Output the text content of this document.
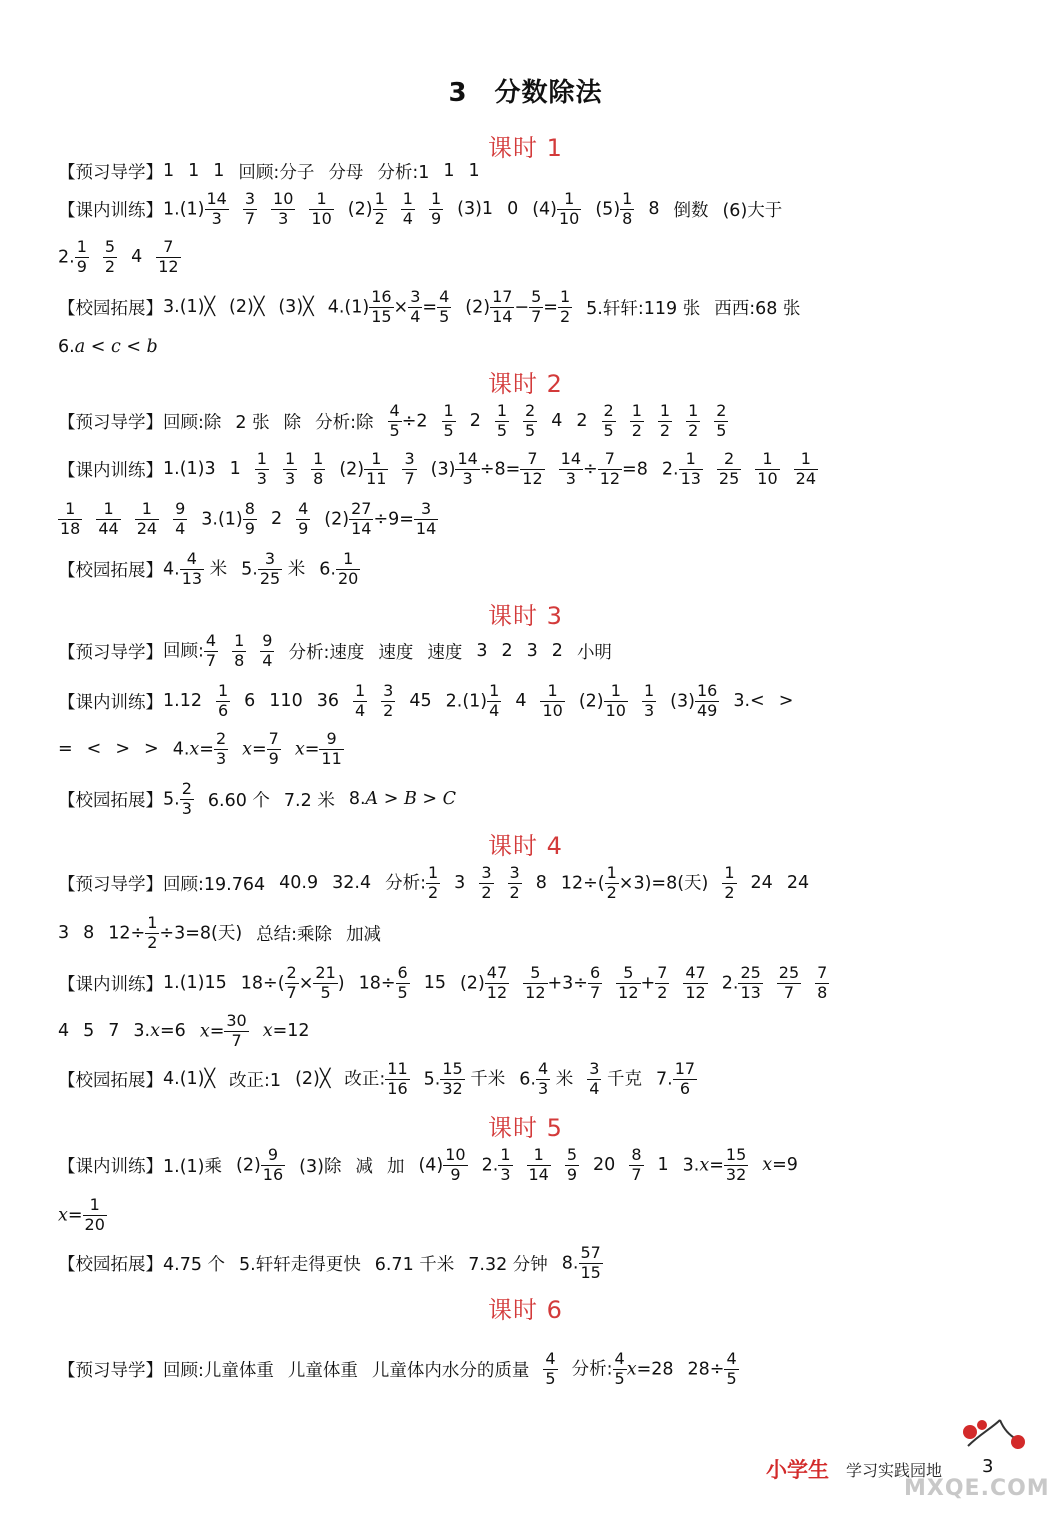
3　分数除法
课时 1
【预习导学】 1 1 1 回顾:分子 分母 分析:1 1 1
【课内训练】 $1.(1) \frac{14}{3} \frac{3}{7} \frac{10}{3} \frac{1}{10} (2) \frac{1}{2} \frac{1}{4} \frac{1}{9} (3)1$ 0 $(4) \frac{1}{10} (5) \frac{1}{8} 8$ 倒数 (6)大于
2. $\frac{1}{9} \frac{5}{2} 4 \frac{7}{12}$
【校园拓展】 3.(1)╳ (2)╳ (3)╳ $4.(1) \frac{16}{15} \times \frac{3}{4} = \frac{4}{5} (2) \frac{17}{14} - \frac{5}{7} = \frac{1}{2} 5$.轩轩:119 张 西西:68 张
6.a < c < b
课时 2
【预习导学】 回顾:除 2 张 除 分析:除 $\frac{4}{5} \div 2 \frac{1}{5} 2 \frac{1}{5} \frac{2}{5} 4$ $2 \frac{2}{5} \frac{1}{2} \frac{1}{2} \frac{1}{2} \frac{2}{5}$
【课内训练】 1.(1)3 $1 \frac{1}{3} \frac{1}{3} \frac{1}{8} (2) \frac{1}{11} \frac{3}{7} (3) \frac{14}{3} \div 8= \frac{7}{12} \frac{14}{3} \div \frac{7}{12} =8$ 2. $\frac{1}{13} \frac{2}{25} \frac{1}{10} \frac{1}{24}$
$\frac{1}{18} \frac{1}{44} \frac{1}{24} \frac{9}{4} 3.(1) \frac{8}{9} 2 \frac{4}{9} (2) \frac{27}{14} \div 9= \frac{3}{14}$
【校园拓展】 4. $\frac{4}{13}$ 米 5. $\frac{3}{25}$ 米 6. $\frac{1}{20}$
课时 3
【预习导学】 回顾: $\frac{4}{7} \frac{1}{8} \frac{9}{4}$ 分析:速度 速度 速度 3 2 3 2 小明
【课内训练】 $1.12 \frac{1}{6} 6$ 110 $36 \frac{1}{4} \frac{3}{2} 45$ $2.(1) \frac{1}{4} 4 \frac{1}{10} (2) \frac{1}{10} \frac{1}{3} (3) \frac{16}{49} 3.<$ >
= < > > $4.x= \frac{2}{3} x= \frac{7}{9} x= \frac{9}{11}$
【校园拓展】 5. $\frac{2}{3} 6.60$ 个 7.2 米 8.A > B > C
课时 4
【预习导学】 回顾:19.764 40.9 32.4 分析: $\frac{1}{2} 3 \frac{3}{2} \frac{3}{2} 8$ $12\div( \frac{1}{2} \times 3)=8$(天) $\frac{1}{2} 24$ 24
3 8 $12\div \frac{1}{2} \div 3=8$(天) 总结:乘除 加减
【课内训练】 1.(1)15 $18\div( \frac{2}{7} \times \frac{21}{5}$ ) $18\div \frac{6}{5} 15$ $(2) \frac{47}{12} \frac{5}{12} +3\div \frac{6}{7} \frac{5}{12} + \frac{7}{2} \frac{47}{12} 2$. $\frac{25}{13} \frac{25}{7} \frac{7}{8}$
4 5 7 3.x=6 $x= \frac{30}{7} x=12$
【校园拓展】 4.(1)╳ 改正:1 (2)╳ 改正: $\frac{11}{16} 5$. $\frac{15}{32}$ 千米 6. $\frac{4}{3}$ 米 $\frac{3}{4}$ 千克 7. $\frac{17}{6}$
课时 5
【课内训练】 1.(1)乘 $(2) \frac{9}{16} (3)$除 减 加 $(4) \frac{10}{9} 2$. $\frac{1}{3} \frac{1}{14} \frac{5}{9} 20 \frac{8}{7} 1$ $3.x= \frac{15}{32} x=9$
$x= \frac{1}{20}$
【校园拓展】 4.75 个 5.轩轩走得更快 6.71 千米 7.32 分钟 8. $\frac{57}{15}$
课时 6
【预习导学】 回顾:儿童体重 儿童体重 儿童体内水分的质量 $\frac{4}{5}$ 分析: $\frac{4}{5} x=28$ $28\div \frac{4}{5}$
小学生 学习实践园地 3
MXQE.COM
